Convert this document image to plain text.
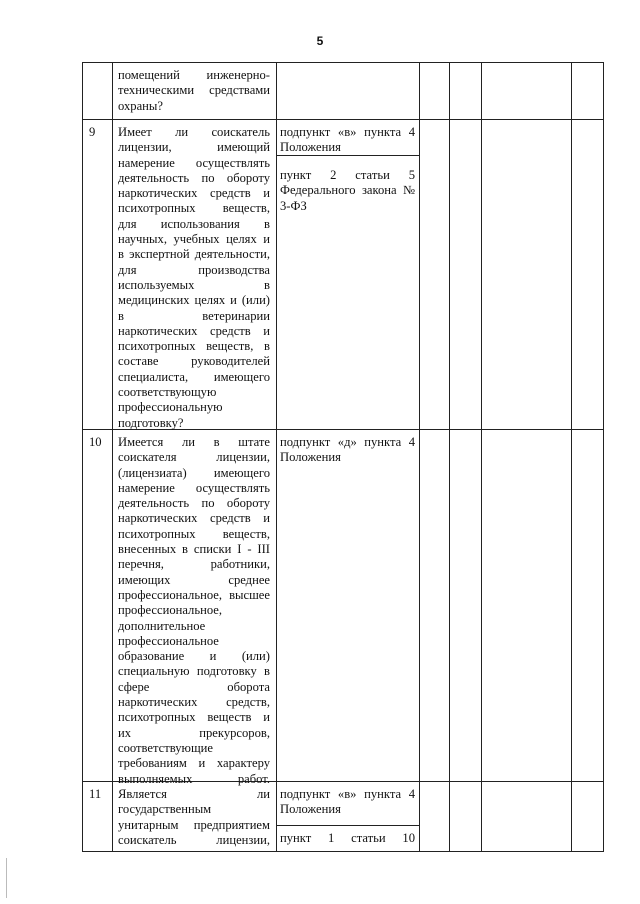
5
помещений инженерно-
техническими средствами
охраны?
9 Имеет ли соискатель
лицензии, имеющий
намерение осуществлять
деятельность по обороту
наркотических средств и
психотропных веществ,
для использования в
научных, учебных целях и
в экспертной деятельности,
для производства
используемых в
медицинских целях и (или)
в ветеринарии
наркотических средств и
психотропных веществ, в
составе руководителей
специалиста, имеющего
соответствующую
профессиональную
подготовку?
подпункт «в» пункта 4
Положения
пункт 2 статьи 5
Федерального закона №
3-ФЗ
10 Имеется ли в штате
соискателя лицензии,
(лицензиата) имеющего
намерение осуществлять
деятельность по обороту
наркотических средств и
психотропных веществ,
внесенных в списки I - III
перечня, работники,
имеющих среднее
профессиональное, высшее
профессиональное,
дополнительное
профессиональное
образование и (или)
специальную подготовку в
сфере оборота
наркотических средств,
психотропных веществ и
их прекурсоров,
соответствующие
требованиям и характеру
выполняемых работ.
подпункт «д» пункта 4
Положения
11 Является ли
государственным
унитарным предприятием
соискатель лицензии,
подпункт «в» пункта 4
Положения
пункт 1 статьи 10
